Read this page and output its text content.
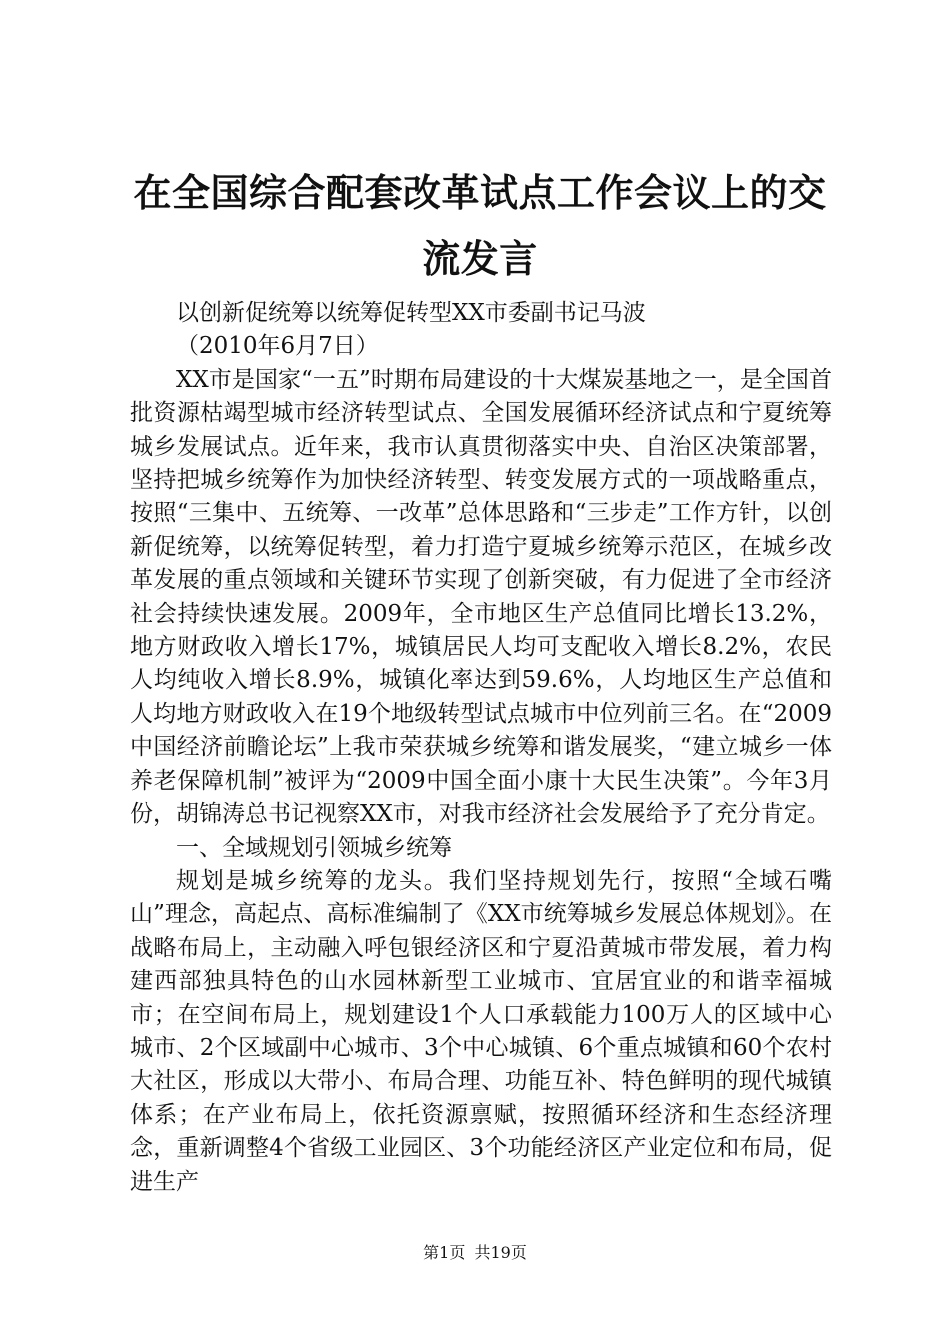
在全国综合配套改革试点工作会议上的交流发言

以创新促统筹以统筹促转型XX市委副书记马波

（2010年6月7日）

XX市是国家“一五”时期布局建设的十大煤炭基地之一，是全国首批资源枯竭型城市经济转型试点、全国发展循环经济试点和宁夏统筹城乡发展试点。近年来，我市认真贯彻落实中央、自治区决策部署，坚持把城乡统筹作为加快经济转型、转变发展方式的一项战略重点，按照“三集中、五统筹、一改革”总体思路和“三步走”工作方针，以创新促统筹，以统筹促转型，着力打造宁夏城乡统筹示范区，在城乡改革发展的重点领域和关键环节实现了创新突破，有力促进了全市经济社会持续快速发展。2009年，全市地区生产总值同比增长13.2%，地方财政收入增长17%，城镇居民人均可支配收入增长8.2%，农民人均纯收入增长8.9%，城镇化率达到59.6%，人均地区生产总值和人均地方财政收入在19个地级转型试点城市中位列前三名。在“2009中国经济前瞻论坛”上我市荣获城乡统筹和谐发展奖，“建立城乡一体养老保障机制”被评为“2009中国全面小康十大民生决策”。今年3月份，胡锦涛总书记视察XX市，对我市经济社会发展给予了充分肯定。

一、全域规划引领城乡统筹

规划是城乡统筹的龙头。我们坚持规划先行，按照“全域石嘴山”理念，高起点、高标准编制了《XX市统筹城乡发展总体规划》。在战略布局上，主动融入呼包银经济区和宁夏沿黄城市带发展，着力构建西部独具特色的山水园林新型工业城市、宜居宜业的和谐幸福城市；在空间布局上，规划建设1个人口承载能力100万人的区域中心城市、2个区域副中心城市、3个中心城镇、6个重点城镇和60个农村大社区，形成以大带小、布局合理、功能互补、特色鲜明的现代城镇体系；在产业布局上，依托资源禀赋，按照循环经济和生态经济理念，重新调整4个省级工业园区、3个功能经济区产业定位和布局，促进生产

第1页 共19页
